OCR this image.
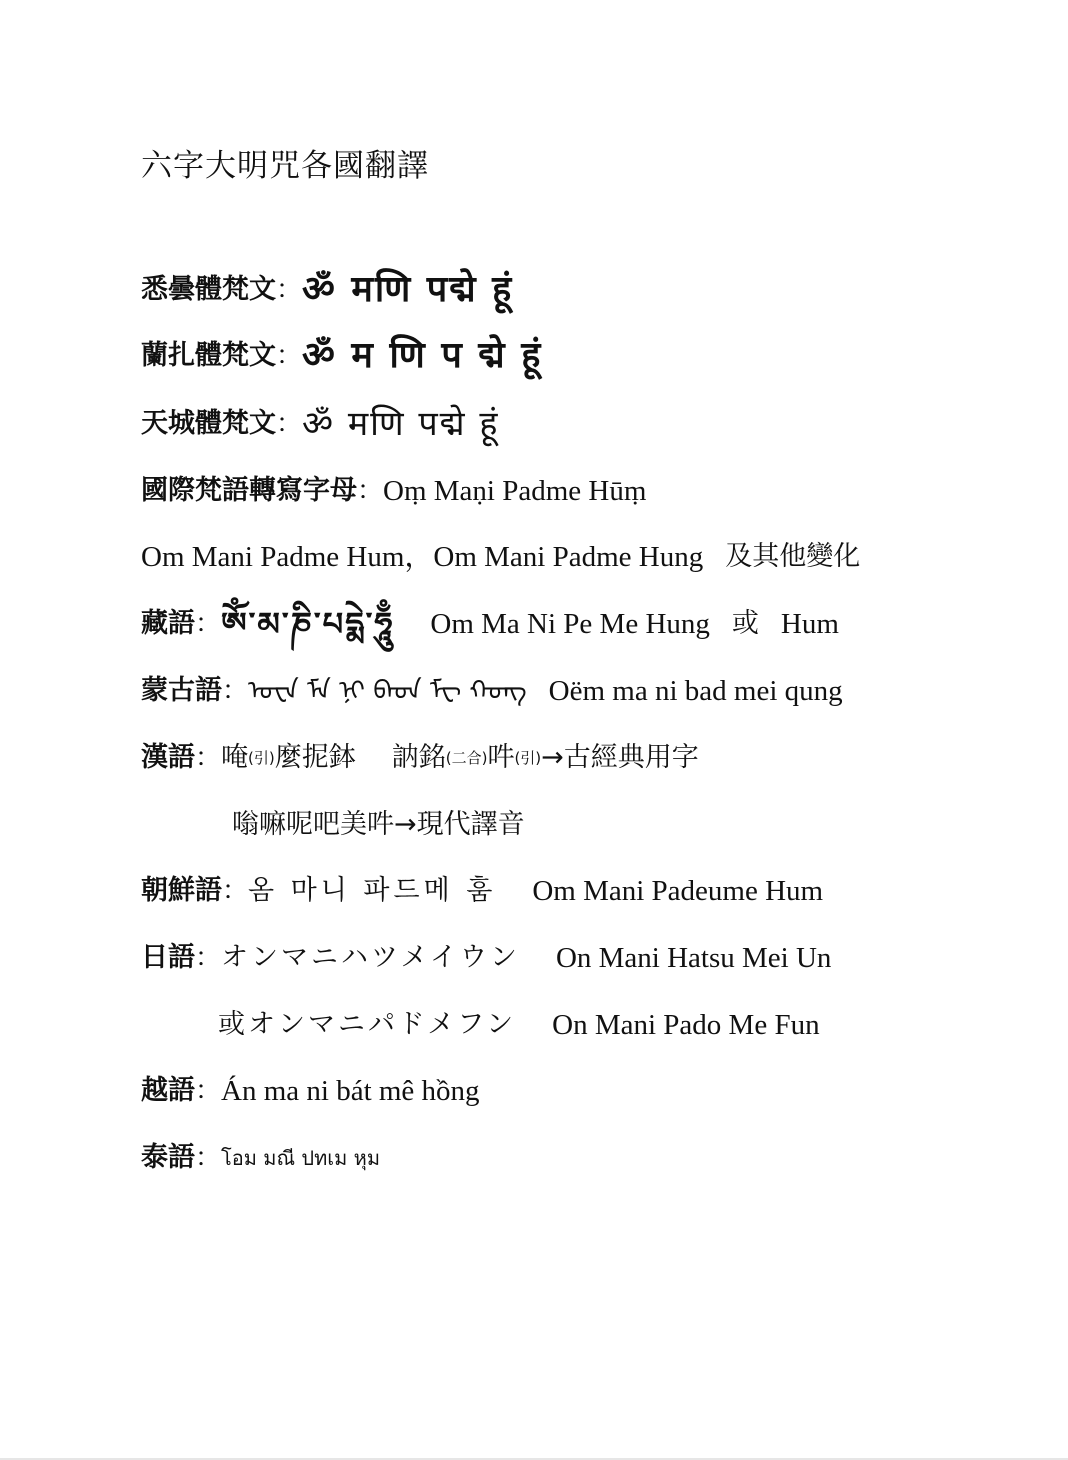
六字大明咒各國翻譯
悉曇體梵文 ： ॐ मणि पद्मे हूं
蘭扎體梵文 ： ॐ म णि प द्मे हूं
天城體梵文 ： ॐ मणि पद्मे हूं
國際梵語轉寫字母 ： Oṃ Maṇi Padme Hūṃ
Om Mani Padme Hum，Om Mani Padme Hung 及其他變化
藏語 ： ཨོཾ་མ་ཎི་པདྨེ་ཧཱུྃ Om Ma Ni Pe Me Hung 或 Hum
蒙古語 ： ᠣᠸᠠ ᠮᠠ ᠨᠢ ᠪᠠᠳ ᠮᠸ ᠬᠤᠩ Oëm ma ni bad mei qung
漢語 ： 唵 (引) 麼抳鉢 訥銘 (二合) 吽 (引) →古經典用字
嗡嘛呢吧美吽→現代譯音
朝鮮語 ： 옴 마니 파드메 훔 Om Mani Padeume Hum
日語 ： オンマニハツメイウン On Mani Hatsu Mei Un
或オンマニパドメフン On Mani Pado Me Fun
越語 ： Án ma ni bát mê hồng
泰語 ： โอม มณี ปทเม หุม
